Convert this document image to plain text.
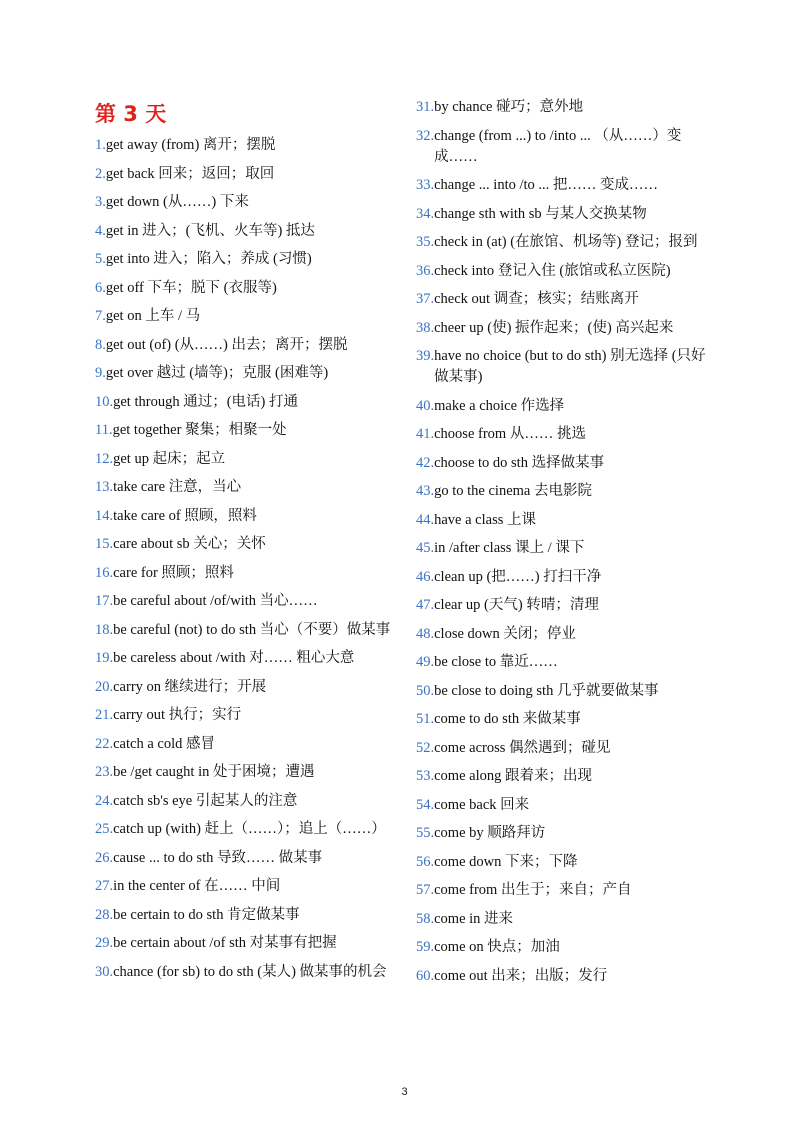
第 3 天
1. get away (from) 离开；摆脱
2. get back 回来；返回；取回
3. get down (从……) 下来
4. get in 进入；(飞机、火车等) 抵达
5. get into 进入；陷入；养成 (习惯)
6. get off 下车；脱下 (衣服等)
7. get on 上车 / 马
8. get out (of) (从……) 出去；离开；摆脱
9. get over 越过 (墙等)；克服 (困难等)
10. get through 通过；(电话) 打通
11. get together 聚集；相聚一处
12. get up 起床；起立
13. take care 注意，当心
14. take care of 照顾，照料
15. care about sb 关心；关怀
16. care for 照顾；照料
17. be careful about /of/with 当心……
18. be careful (not) to do sth 当心（不要）做某事
19. be careless about /with 对…… 粗心大意
20. carry on 继续进行；开展
21. carry out 执行；实行
22. catch a cold 感冒
23. be /get caught in 处于困境；遭遇
24. catch sb's eye 引起某人的注意
25. catch up (with) 赶上（……）；追上（……）
26. cause ... to do sth 导致…… 做某事
27. in the center of 在…… 中间
28. be certain to do sth 肯定做某事
29. be certain about /of sth 对某事有把握
30. chance (for sb) to do sth (某人) 做某事的机会
31. by chance 碰巧；意外地
32. change (from ...) to /into ... （从……）变成……
33. change ... into /to ... 把…… 变成……
34. change sth with sb 与某人交换某物
35. check in (at) (在旅馆、机场等) 登记；报到
36. check into 登记入住 (旅馆或私立医院)
37. check out 调查；核实；结账离开
38. cheer up (使) 振作起来；(使) 高兴起来
39. have no choice (but to do sth) 别无选择 (只好做某事)
40. make a choice 作选择
41. choose from 从…… 挑选
42. choose to do sth 选择做某事
43. go to the cinema 去电影院
44. have a class 上课
45. in /after class 课上 / 课下
46. clean up (把……) 打扫干净
47. clear up (天气) 转晴；清理
48. close down 关闭；停业
49. be close to 靠近……
50. be close to doing sth 几乎就要做某事
51. come to do sth 来做某事
52. come across 偶然遇到；碰见
53. come along 跟着来；出现
54. come back 回来
55. come by 顺路拜访
56. come down 下来；下降
57. come from 出生于；来自；产自
58. come in 进来
59. come on 快点；加油
60. come out 出来；出版；发行
3
